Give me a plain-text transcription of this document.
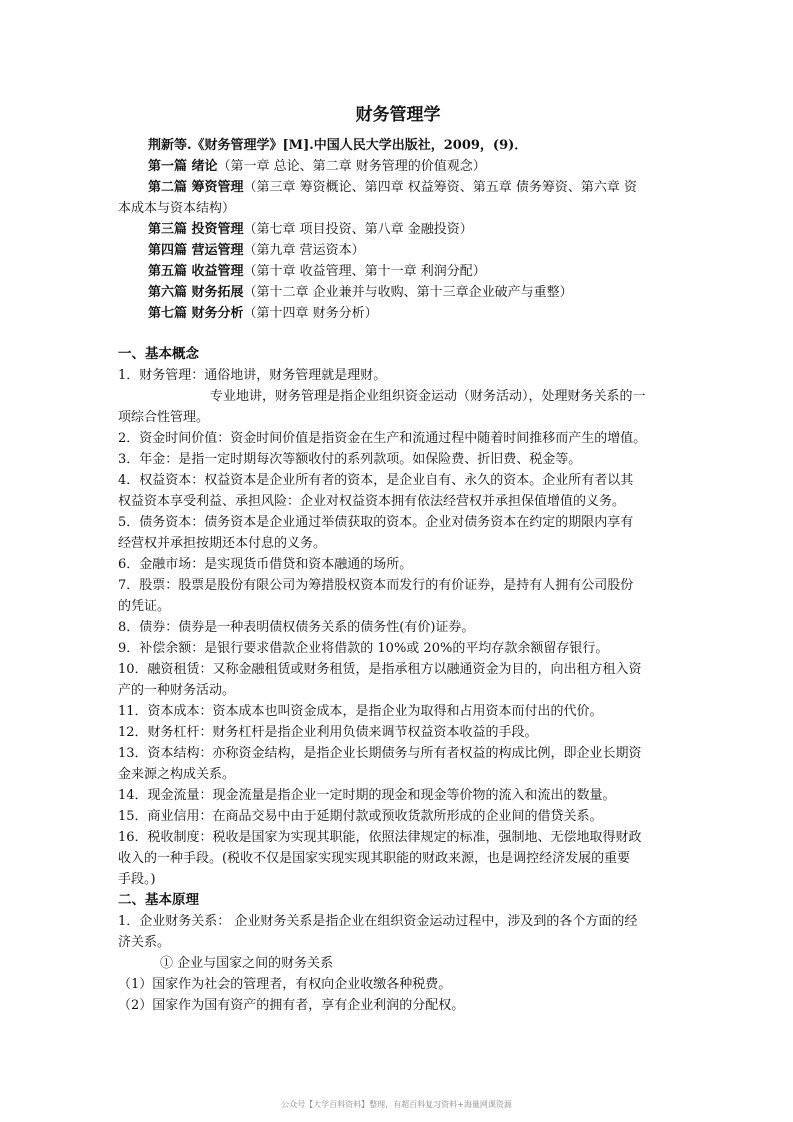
财务管理学
荆新等.《财务管理学》[M].中国人民大学出版社，2009，(9)．
第一篇 绪论（第一章 总论、第二章 财务管理的价值观念）
第二篇 筹资管理（第三章 筹资概论、第四章 权益筹资、第五章 债务筹资、第六章 资
本成本与资本结构）
第三篇 投资管理（第七章 项目投资、第八章 金融投资）
第四篇 营运管理（第九章 营运资本）
第五篇 收益管理（第十章 收益管理、第十一章 利润分配）
第六篇 财务拓展（第十二章 企业兼并与收购、第十三章企业破产与重整）
第七篇 财务分析（第十四章 财务分析）
一、基本概念
1．财务管理：通俗地讲，财务管理就是理财。
专业地讲，财务管理是指企业组织资金运动（财务活动），处理财务关系的一
项综合性管理。
2．资金时间价值：资金时间价值是指资金在生产和流通过程中随着时间推移而产生的增值。
3．年金：是指一定时期每次等额收付的系列款项。如保险费、折旧费、税金等。
4．权益资本：权益资本是企业所有者的资本，是企业自有、永久的资本。企业所有者以其
权益资本享受利益、承担风险：企业对权益资本拥有依法经营权并承担保值增值的义务。
5．债务资本：债务资本是企业通过举债获取的资本。企业对债务资本在约定的期限内享有
经营权并承担按期还本付息的义务。
6．金融市场：是实现货币借贷和资本融通的场所。
7．股票：股票是股份有限公司为筹措股权资本而发行的有价证券，是持有人拥有公司股份
的凭证。
8．债券：债券是一种表明债权债务关系的债务性(有价)证券。
9．补偿余额：是银行要求借款企业将借款的 10%或 20%的平均存款余额留存银行。
10．融资租赁：又称金融租赁或财务租赁，是指承租方以融通资金为目的，向出租方租入资
产的一种财务活动。
11．资本成本：资本成本也叫资金成本，是指企业为取得和占用资本而付出的代价。
12．财务杠杆：财务杠杆是指企业利用负债来调节权益资本收益的手段。
13．资本结构：亦称资金结构，是指企业长期债务与所有者权益的构成比例，即企业长期资
金来源之构成关系。
14．现金流量：现金流量是指企业一定时期的现金和现金等价物的流入和流出的数量。
15．商业信用：在商品交易中由于延期付款或预收货款所形成的企业间的借贷关系。
16．税收制度：税收是国家为实现其职能，依照法律规定的标准，强制地、无偿地取得财政
收入的一种手段。(税收不仅是国家实现实现其职能的财政来源，也是调控经济发展的重要
手段。)
二、基本原理
1．企业财务关系： 企业财务关系是指企业在组织资金运动过程中，涉及到的各个方面的经
济关系。
① 企业与国家之间的财务关系
（1）国家作为社会的管理者，有权向企业收缴各种税费。
（2）国家作为国有资产的拥有者，享有企业利润的分配权。
公众号【大学百科资料】整理，有超百科复习资料+海量网课资源
